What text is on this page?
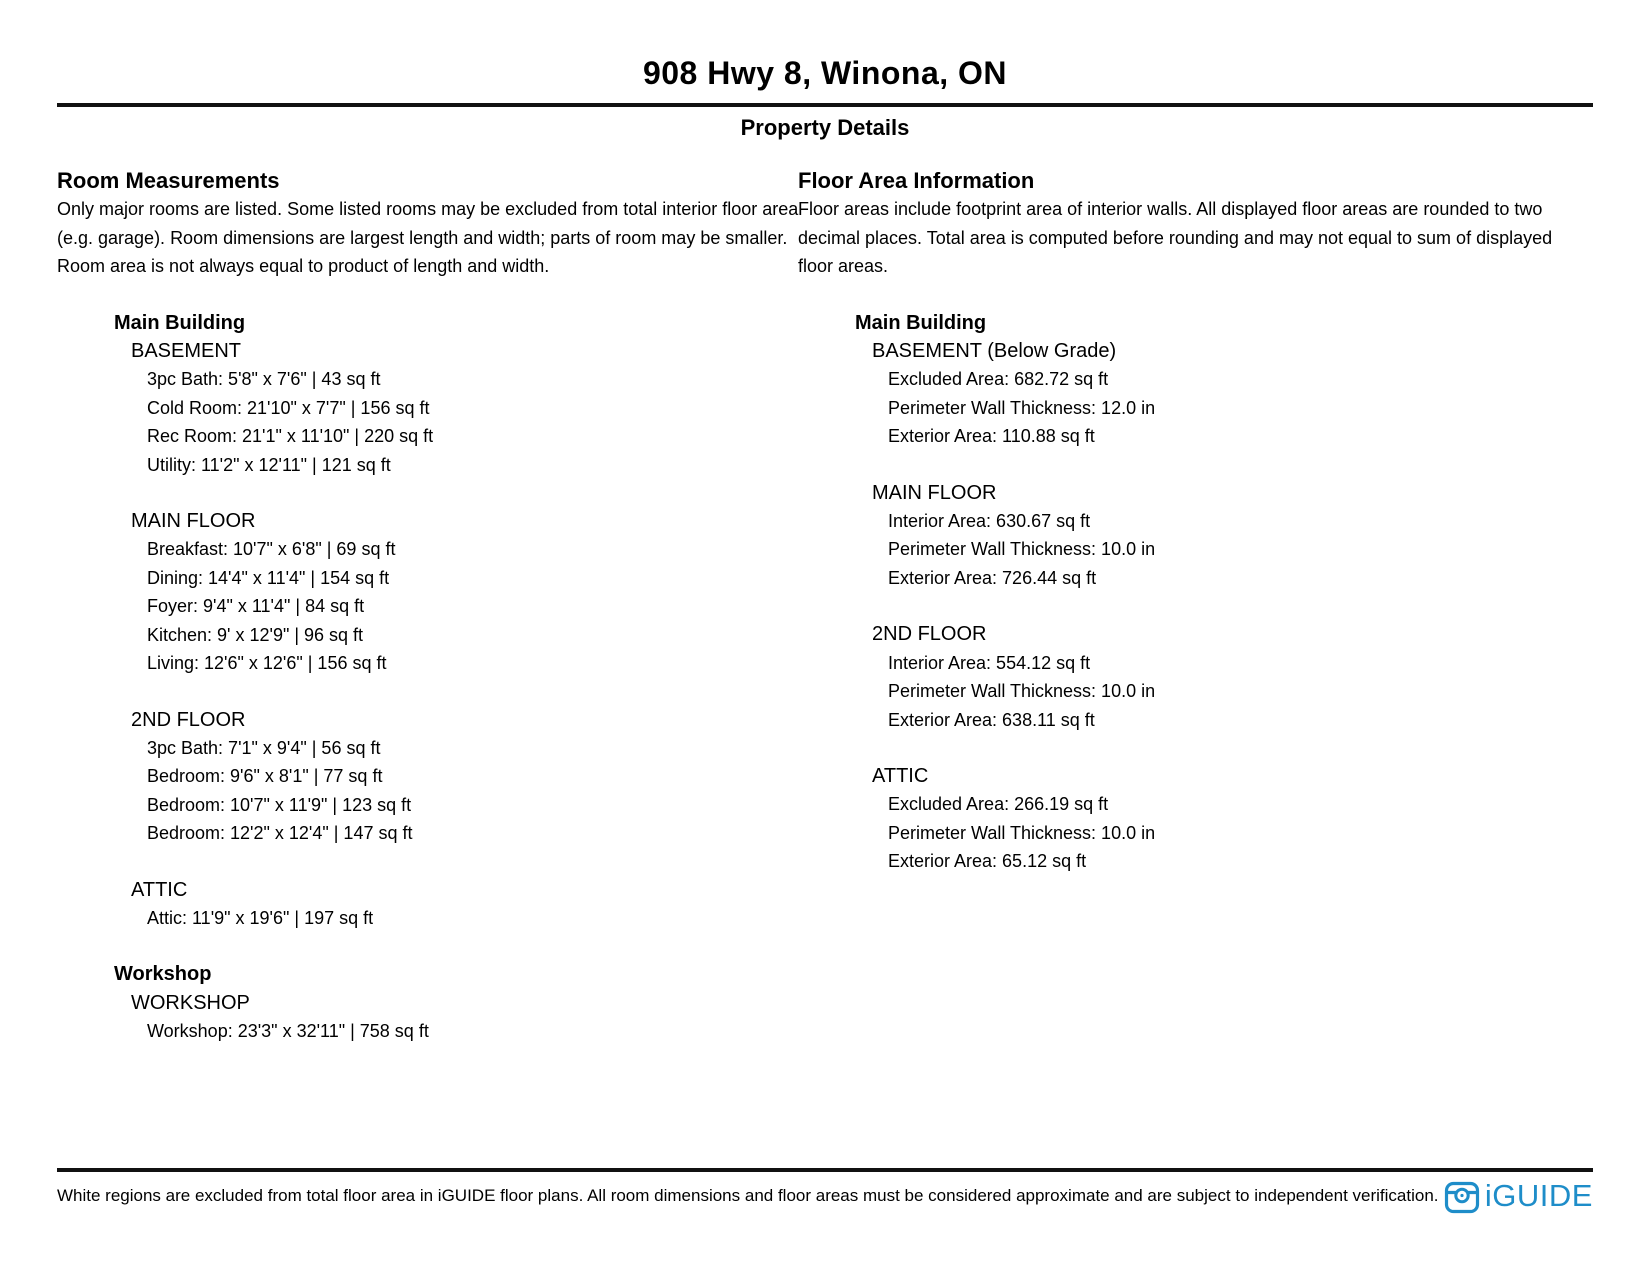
908 Hwy 8, Winona, ON
Property Details
Room Measurements
Only major rooms are listed. Some listed rooms may be excluded from total interior floor area
(e.g. garage). Room dimensions are largest length and width; parts of room may be smaller.
Room area is not always equal to product of length and width.
Main Building
BASEMENT
3pc Bath: 5'8" x 7'6" | 43 sq ft
Cold Room: 21'10" x 7'7" | 156 sq ft
Rec Room: 21'1" x 11'10" | 220 sq ft
Utility: 11'2" x 12'11" | 121 sq ft
MAIN FLOOR
Breakfast: 10'7" x 6'8" | 69 sq ft
Dining: 14'4" x 11'4" | 154 sq ft
Foyer: 9'4" x 11'4" | 84 sq ft
Kitchen: 9' x 12'9" | 96 sq ft
Living: 12'6" x 12'6" | 156 sq ft
2ND FLOOR
3pc Bath: 7'1" x 9'4" | 56 sq ft
Bedroom: 9'6" x 8'1" | 77 sq ft
Bedroom: 10'7" x 11'9" | 123 sq ft
Bedroom: 12'2" x 12'4" | 147 sq ft
ATTIC
Attic: 11'9" x 19'6" | 197 sq ft
Workshop
WORKSHOP
Workshop: 23'3" x 32'11" | 758 sq ft
Floor Area Information
Floor areas include footprint area of interior walls. All displayed floor areas are rounded to two
decimal places. Total area is computed before rounding and may not equal to sum of displayed
floor areas.
Main Building
BASEMENT (Below Grade)
Excluded Area: 682.72 sq ft
Perimeter Wall Thickness: 12.0 in
Exterior Area: 110.88 sq ft
MAIN FLOOR
Interior Area: 630.67 sq ft
Perimeter Wall Thickness: 10.0 in
Exterior Area: 726.44 sq ft
2ND FLOOR
Interior Area: 554.12 sq ft
Perimeter Wall Thickness: 10.0 in
Exterior Area: 638.11 sq ft
ATTIC
Excluded Area: 266.19 sq ft
Perimeter Wall Thickness: 10.0 in
Exterior Area: 65.12 sq ft
White regions are excluded from total floor area in iGUIDE floor plans. All room dimensions and floor areas must be considered approximate and are subject to independent verification. iGUIDE
